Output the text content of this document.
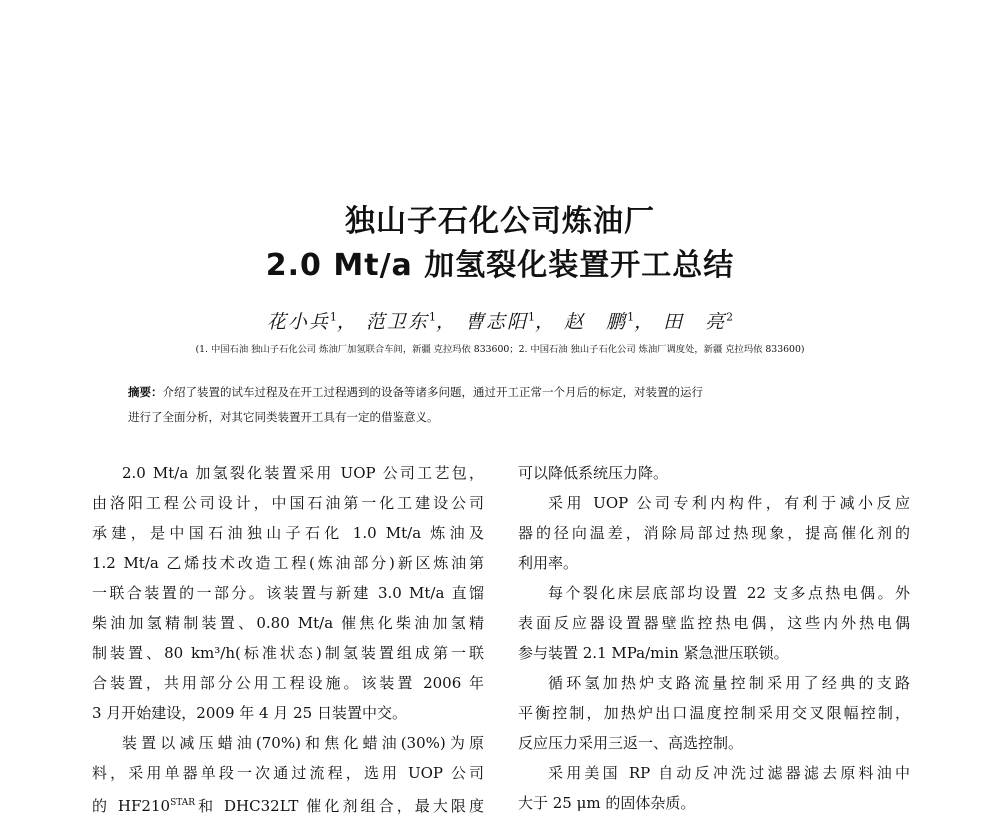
独山子石化公司炼油厂
2.0 Mt/a 加氢裂化装置开工总结
花小兵$^1$， 范卫东$^1$， 曹志阳$^1$， 赵　鹏$^1$， 田　亮$^2$
(1. 中国石油 独山子石化公司 炼油厂加氢联合车间，新疆 克拉玛依 833600；2. 中国石油 独山子石化公司 炼油厂调度处，新疆 克拉玛依 833600)
摘要：介绍了装置的试车过程及在开工过程遇到的设备等诸多问题，通过开工正常一个月后的标定，对装置的运行
进行了全面分析，对其它同类装置开工具有一定的借鉴意义。
2.0 Mt/a 加氢裂化装置采用 UOP 公司工艺包，
由洛阳工程公司设计，中国石油第一化工建设公司
承建，是中国石油独山子石化 1.0 Mt/a 炼油及
1.2 Mt/a 乙烯技术改造工程(炼油部分)新区炼油第
一联合装置的一部分。该装置与新建 3.0 Mt/a 直馏
柴油加氢精制装置、0.80 Mt/a 催焦化柴油加氢精
制装置、80 km³/h(标准状态)制氢装置组成第一联
合装置，共用部分公用工程设施。该装置 2006 年
3 月开始建设，2009 年 4 月 25 日装置中交。
装置以减压蜡油(70%)和焦化蜡油(30%)为原
料，采用单器单段一次通过流程，选用 UOP 公司
的 $HF210^{STAR}$和 DHC32LT 催化剂组合，最大限度
可以降低系统压力降。
采用 UOP 公司专利内构件，有利于减小反应
器的径向温差，消除局部过热现象，提高催化剂的
利用率。
每个裂化床层底部均设置 22 支多点热电偶。外
表面反应器设置器壁监控热电偶，这些内外热电偶
参与装置 2.1 MPa/min 紧急泄压联锁。
循环氢加热炉支路流量控制采用了经典的支路
平衡控制，加热炉出口温度控制采用交叉限幅控制，
反应压力采用三返一、高选控制。
采用美国 RP 自动反冲洗过滤器滤去原料油中
大于 25 μm 的固体杂质。
